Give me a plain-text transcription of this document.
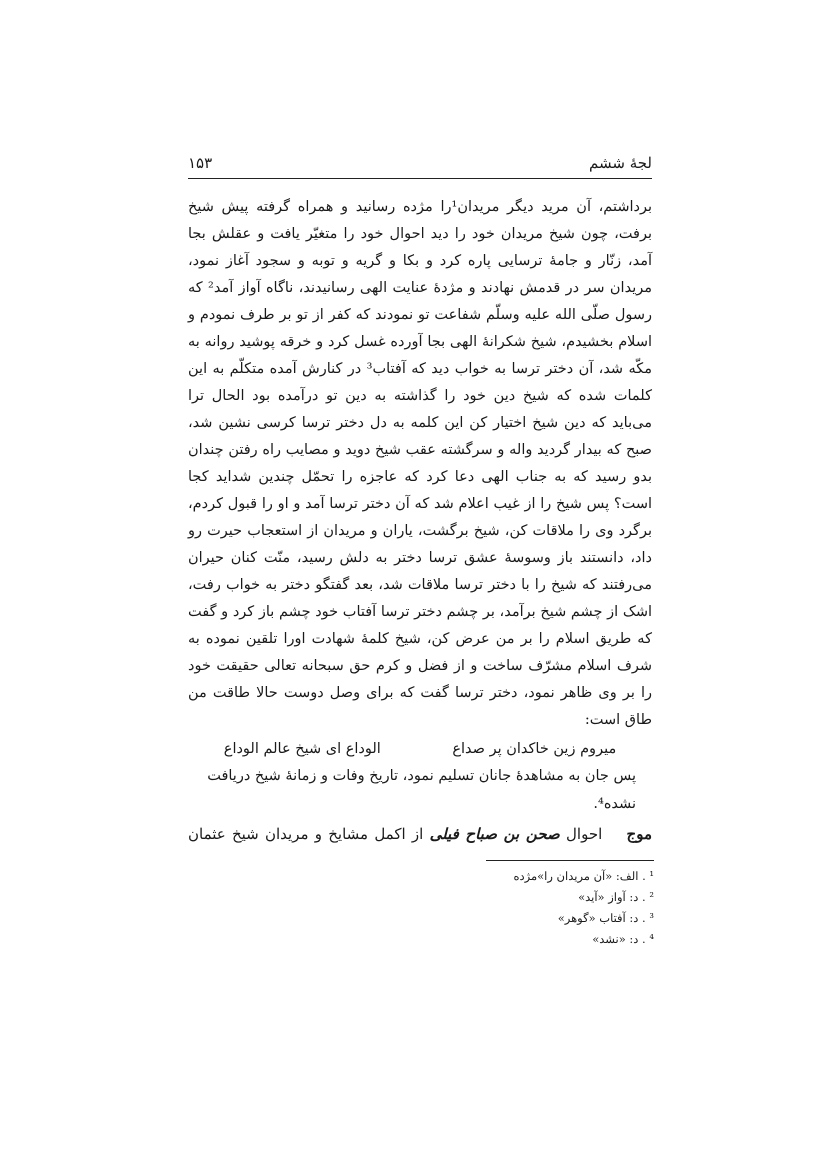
لجۀ ششم
۱۵۳

برداشتم، آن مرید دیگر مریدان¹را مژده رسانید و همراه گرفته پیش شیخ برفت، چون شیخ مریدان خود را دید احوال خود را متغیّر یافت و عقلش بجا آمد، زنّار و جامۀ ترسایی پاره کرد و بکا و گریه و توبه و سجود آغاز نمود، مریدان سر در قدمش نهادند و مژدۀ عنایت الهی رسانیدند، ناگاه آواز آمد² که رسول صلّی الله علیه وسلّم شفاعت تو نمودند که کفر از تو بر طرف نمودم و اسلام بخشیدم، شیخ شکرانۀ الهی بجا آورده غسل کرد و خرقه پوشید روانه به مکّه شد، آن دختر ترسا به خواب دید که آفتاب³ در کنارش آمده متکلّم به این کلمات شده که شیخ دین خود را گذاشته به دین تو درآمده بود الحال ترا می‌باید که دین شیخ اختیار کن این کلمه به دل دختر ترسا کرسی نشین شد، صبح که بیدار گردید واله و سرگشته عقب شیخ دوید و مصایب راه رفتن چندان بدو رسید که به جناب الهی دعا کرد که عاجزه را تحمّل چندین شداید کجا است؟ پس شیخ را از غیب اعلام شد که آن دختر ترسا آمد و او را قبول کردم، برگرد وی را ملاقات کن، شیخ برگشت، یاران و مریدان از استعجاب حیرت رو داد، دانستند باز وسوسۀ عشق ترسا دختر به دلش رسید، منّت کنان حیران می‌رفتند که شیخ را با دختر ترسا ملاقات شد، بعد گفتگو دختر به خواب رفت، اشک از چشم شیخ برآمد، بر چشم دختر ترسا آفتاب خود چشم باز کرد و گفت که طریق اسلام را بر من عرض کن، شیخ کلمۀ شهادت اورا تلقین نموده به شرف اسلام مشرّف ساخت و از فضل و کرم حق سبحانه تعالی حقیقت خود را بر وی ظاهر نمود، دختر ترسا گفت که برای وصل دوست حالا طاقت من طاق است:

میروم زین خاکدان پر صداع
الوداع ای شیخ عالم الوداع
پس جان به مشاهدۀ جانان تسلیم نمود، تاریخ وفات و زمانۀ شیخ دریافت نشده⁴.
موج احوال صحن بن صباح فیلی از اکمل مشایخ و مریدان شیخ عثمان
¹ . الف: «آن مریدان را»مژده
² . د: آواز «آید»
³ . د: آفتاب «گوهر»
⁴ . د: «نشد»
